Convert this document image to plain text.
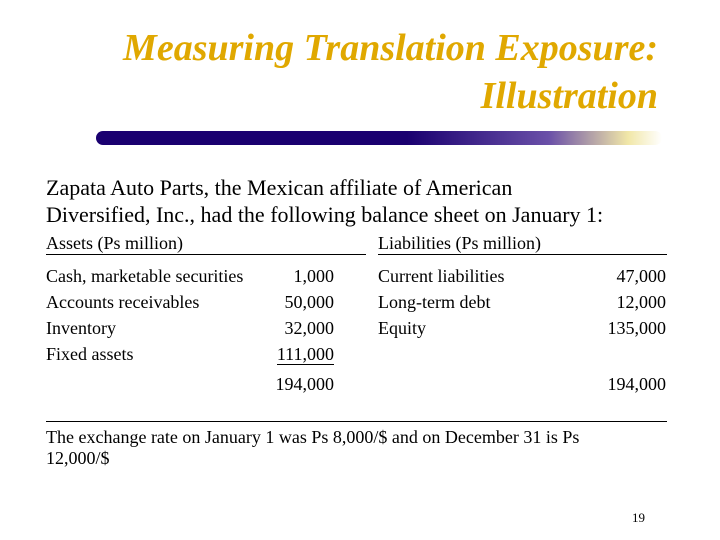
Measuring Translation Exposure:
Illustration
Zapata Auto Parts, the Mexican affiliate of American
Diversified, Inc., had the following balance sheet on January 1:
Assets (Ps million)	Liabilities (Ps million)
Cash, marketable securities
Accounts receivables
Inventory
Fixed assets
1,000
50,000
32,000
111,000
194,000
Current liabilities
Long-term debt
Equity
47,000
12,000
135,000
194,000
The exchange rate on January 1 was Ps 8,000/$ and on December 31 is Ps
12,000/$
19
